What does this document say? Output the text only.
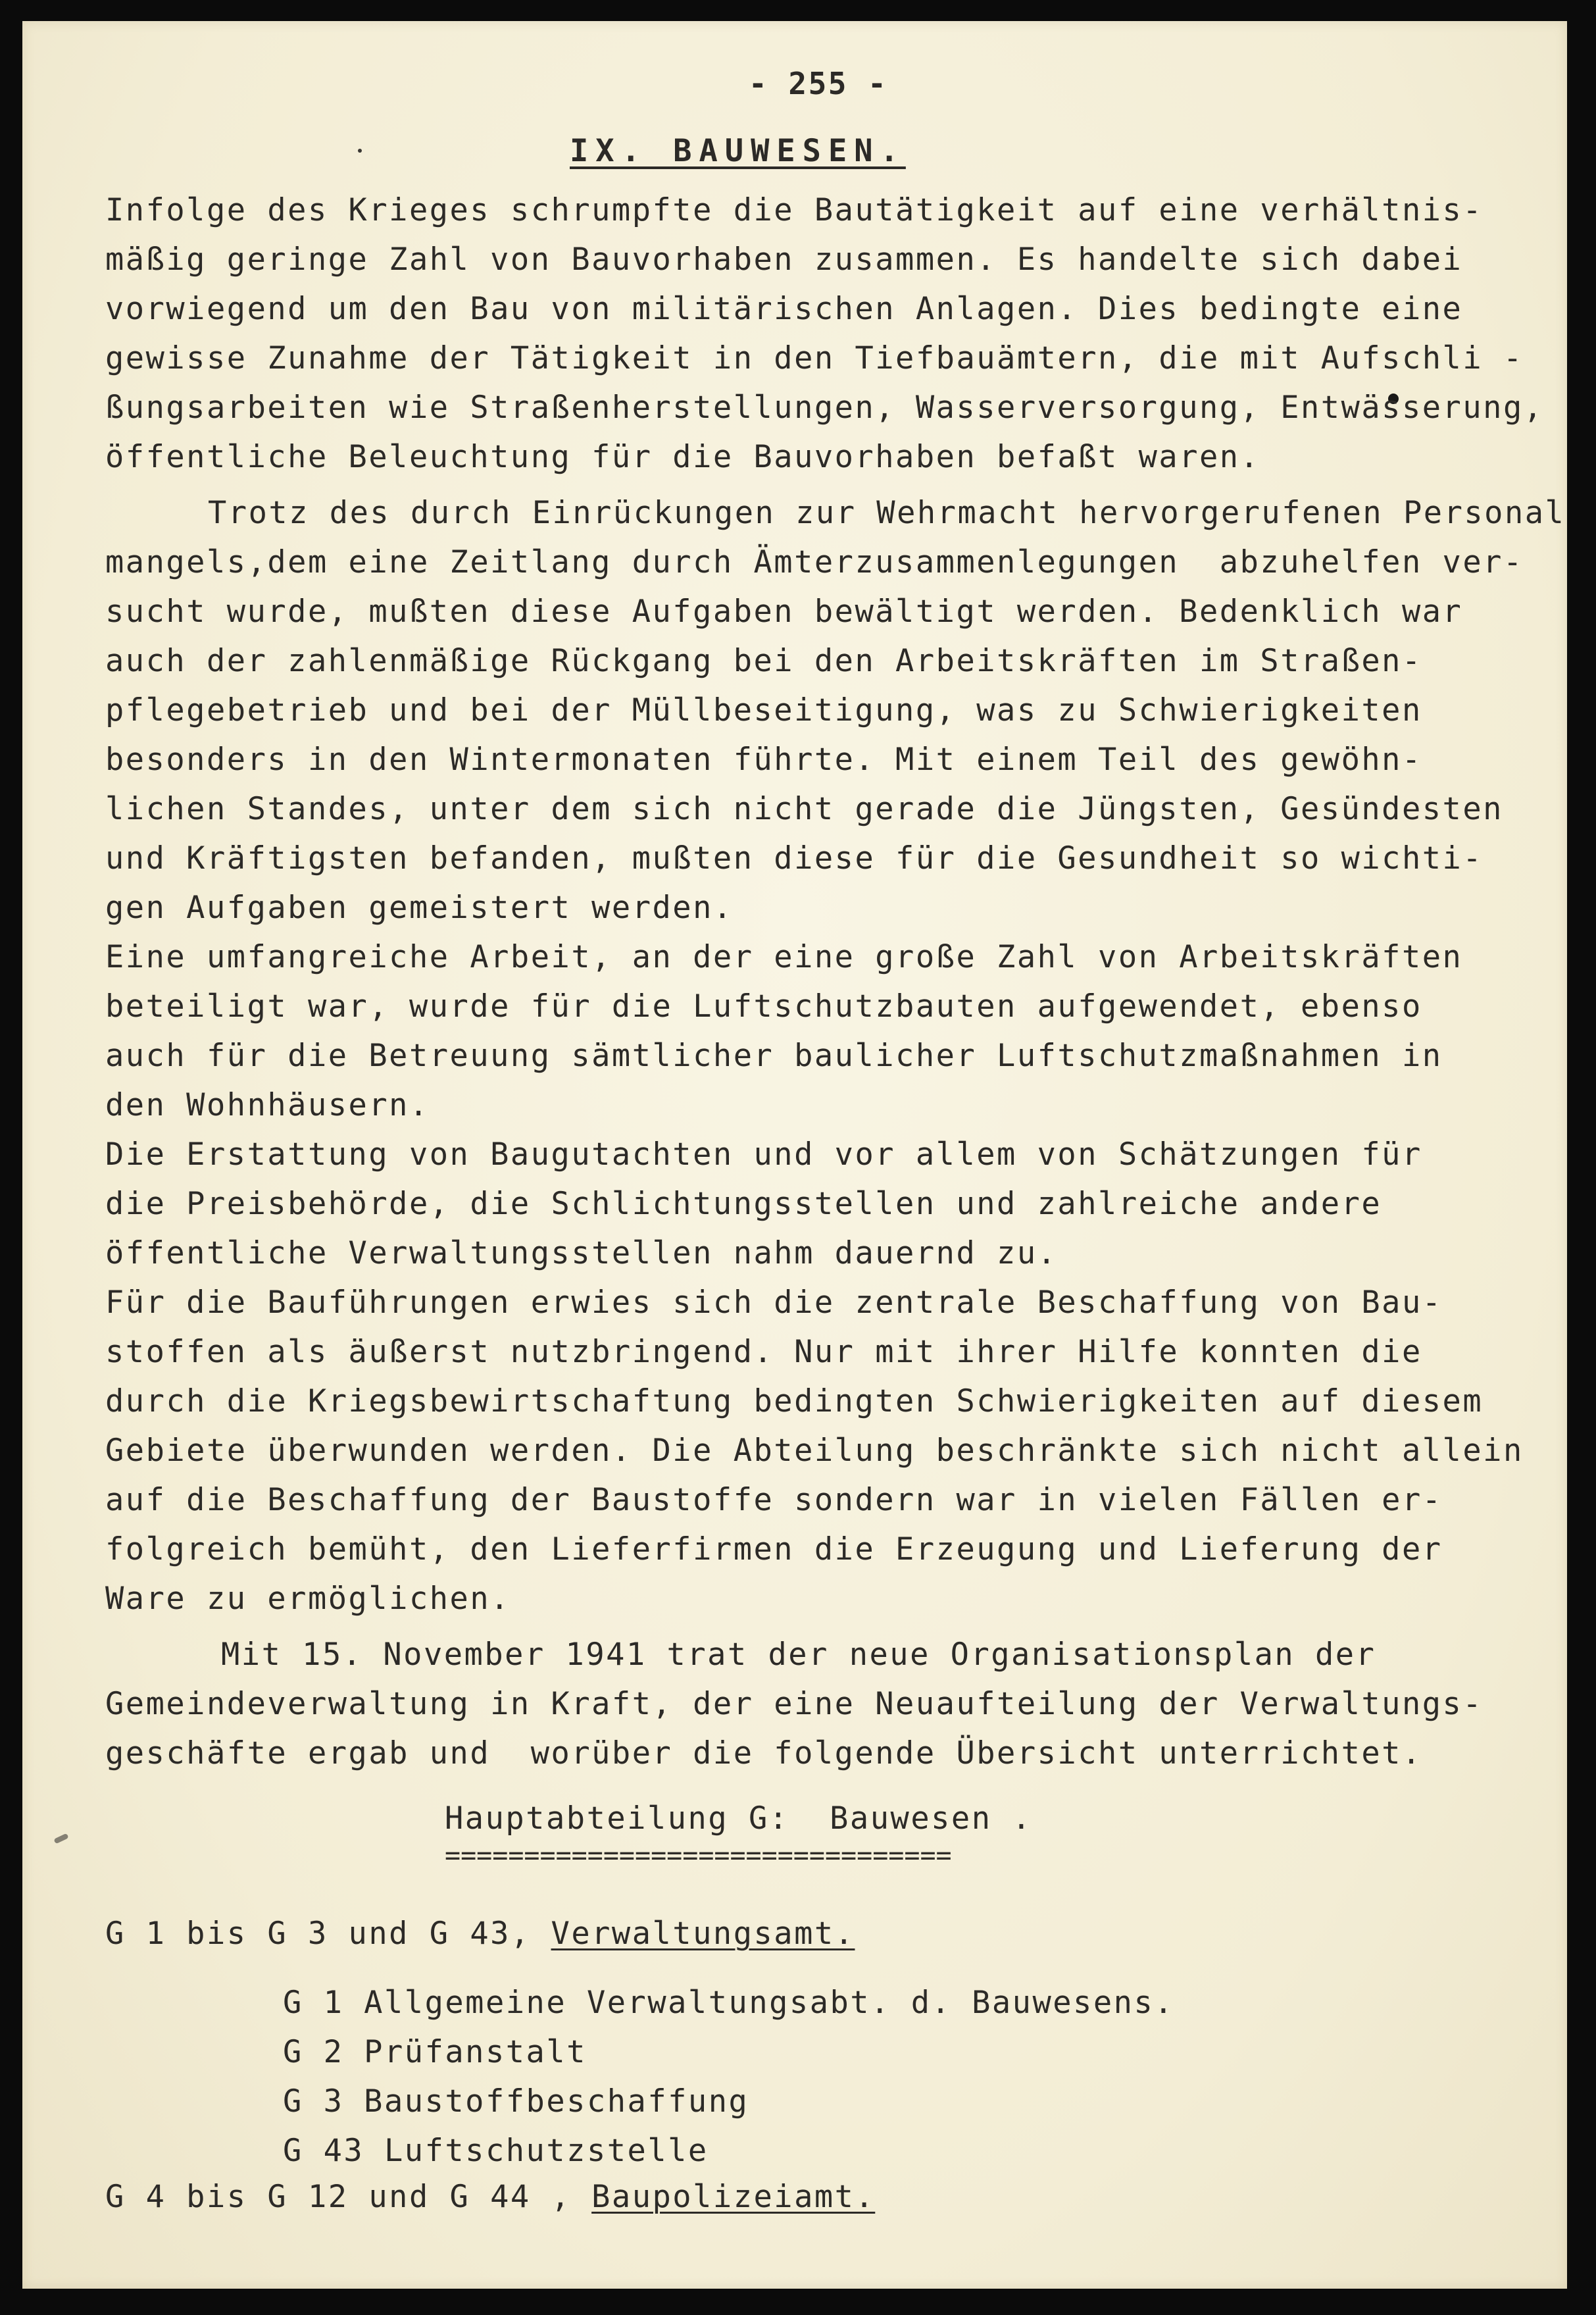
- 255 -
IX. BAUWESEN.
Infolge des Krieges schrumpfte die Bautätigkeit auf eine verhältnis-
mäßig geringe Zahl von Bauvorhaben zusammen. Es handelte sich dabei
vorwiegend um den Bau von militärischen Anlagen. Dies bedingte eine
gewisse Zunahme der Tätigkeit in den Tiefbauämtern, die mit Aufschli -
ßungsarbeiten wie Straßenherstellungen, Wasserversorgung, Entwässerung,
öffentliche Beleuchtung für die Bauvorhaben befaßt waren.
Trotz des durch Einrückungen zur Wehrmacht hervorgerufenen Personal
mangels,dem eine Zeitlang durch Ämterzusammenlegungen  abzuhelfen ver-
sucht wurde, mußten diese Aufgaben bewältigt werden. Bedenklich war
auch der zahlenmäßige Rückgang bei den Arbeitskräften im Straßen-
pflegebetrieb und bei der Müllbeseitigung, was zu Schwierigkeiten
besonders in den Wintermonaten führte. Mit einem Teil des gewöhn-
lichen Standes, unter dem sich nicht gerade die Jüngsten, Gesündesten
und Kräftigsten befanden, mußten diese für die Gesundheit so wichti-
gen Aufgaben gemeistert werden.
Eine umfangreiche Arbeit, an der eine große Zahl von Arbeitskräften
beteiligt war, wurde für die Luftschutzbauten aufgewendet, ebenso
auch für die Betreuung sämtlicher baulicher Luftschutzmaßnahmen in
den Wohnhäusern.
Die Erstattung von Baugutachten und vor allem von Schätzungen für
die Preisbehörde, die Schlichtungsstellen und zahlreiche andere
öffentliche Verwaltungsstellen nahm dauernd zu.
Für die Bauführungen erwies sich die zentrale Beschaffung von Bau-
stoffen als äußerst nutzbringend. Nur mit ihrer Hilfe konnten die
durch die Kriegsbewirtschaftung bedingten Schwierigkeiten auf diesem
Gebiete überwunden werden. Die Abteilung beschränkte sich nicht allein
auf die Beschaffung der Baustoffe sondern war in vielen Fällen er-
folgreich bemüht, den Lieferfirmen die Erzeugung und Lieferung der
Ware zu ermöglichen.
Mit 15. November 1941 trat der neue Organisationsplan der
Gemeindeverwaltung in Kraft, der eine Neuaufteilung der Verwaltungs-
geschäfte ergab und  worüber die folgende Übersicht unterrichtet.
Hauptabteilung G:  Bauwesen .
================================
G 1 bis G 3 und G 43, Verwaltungsamt.
G 1 Allgemeine Verwaltungsabt. d. Bauwesens.
G 2 Prüfanstalt
G 3 Baustoffbeschaffung
G 43 Luftschutzstelle
G 4 bis G 12 und G 44 , Baupolizeiamt.
